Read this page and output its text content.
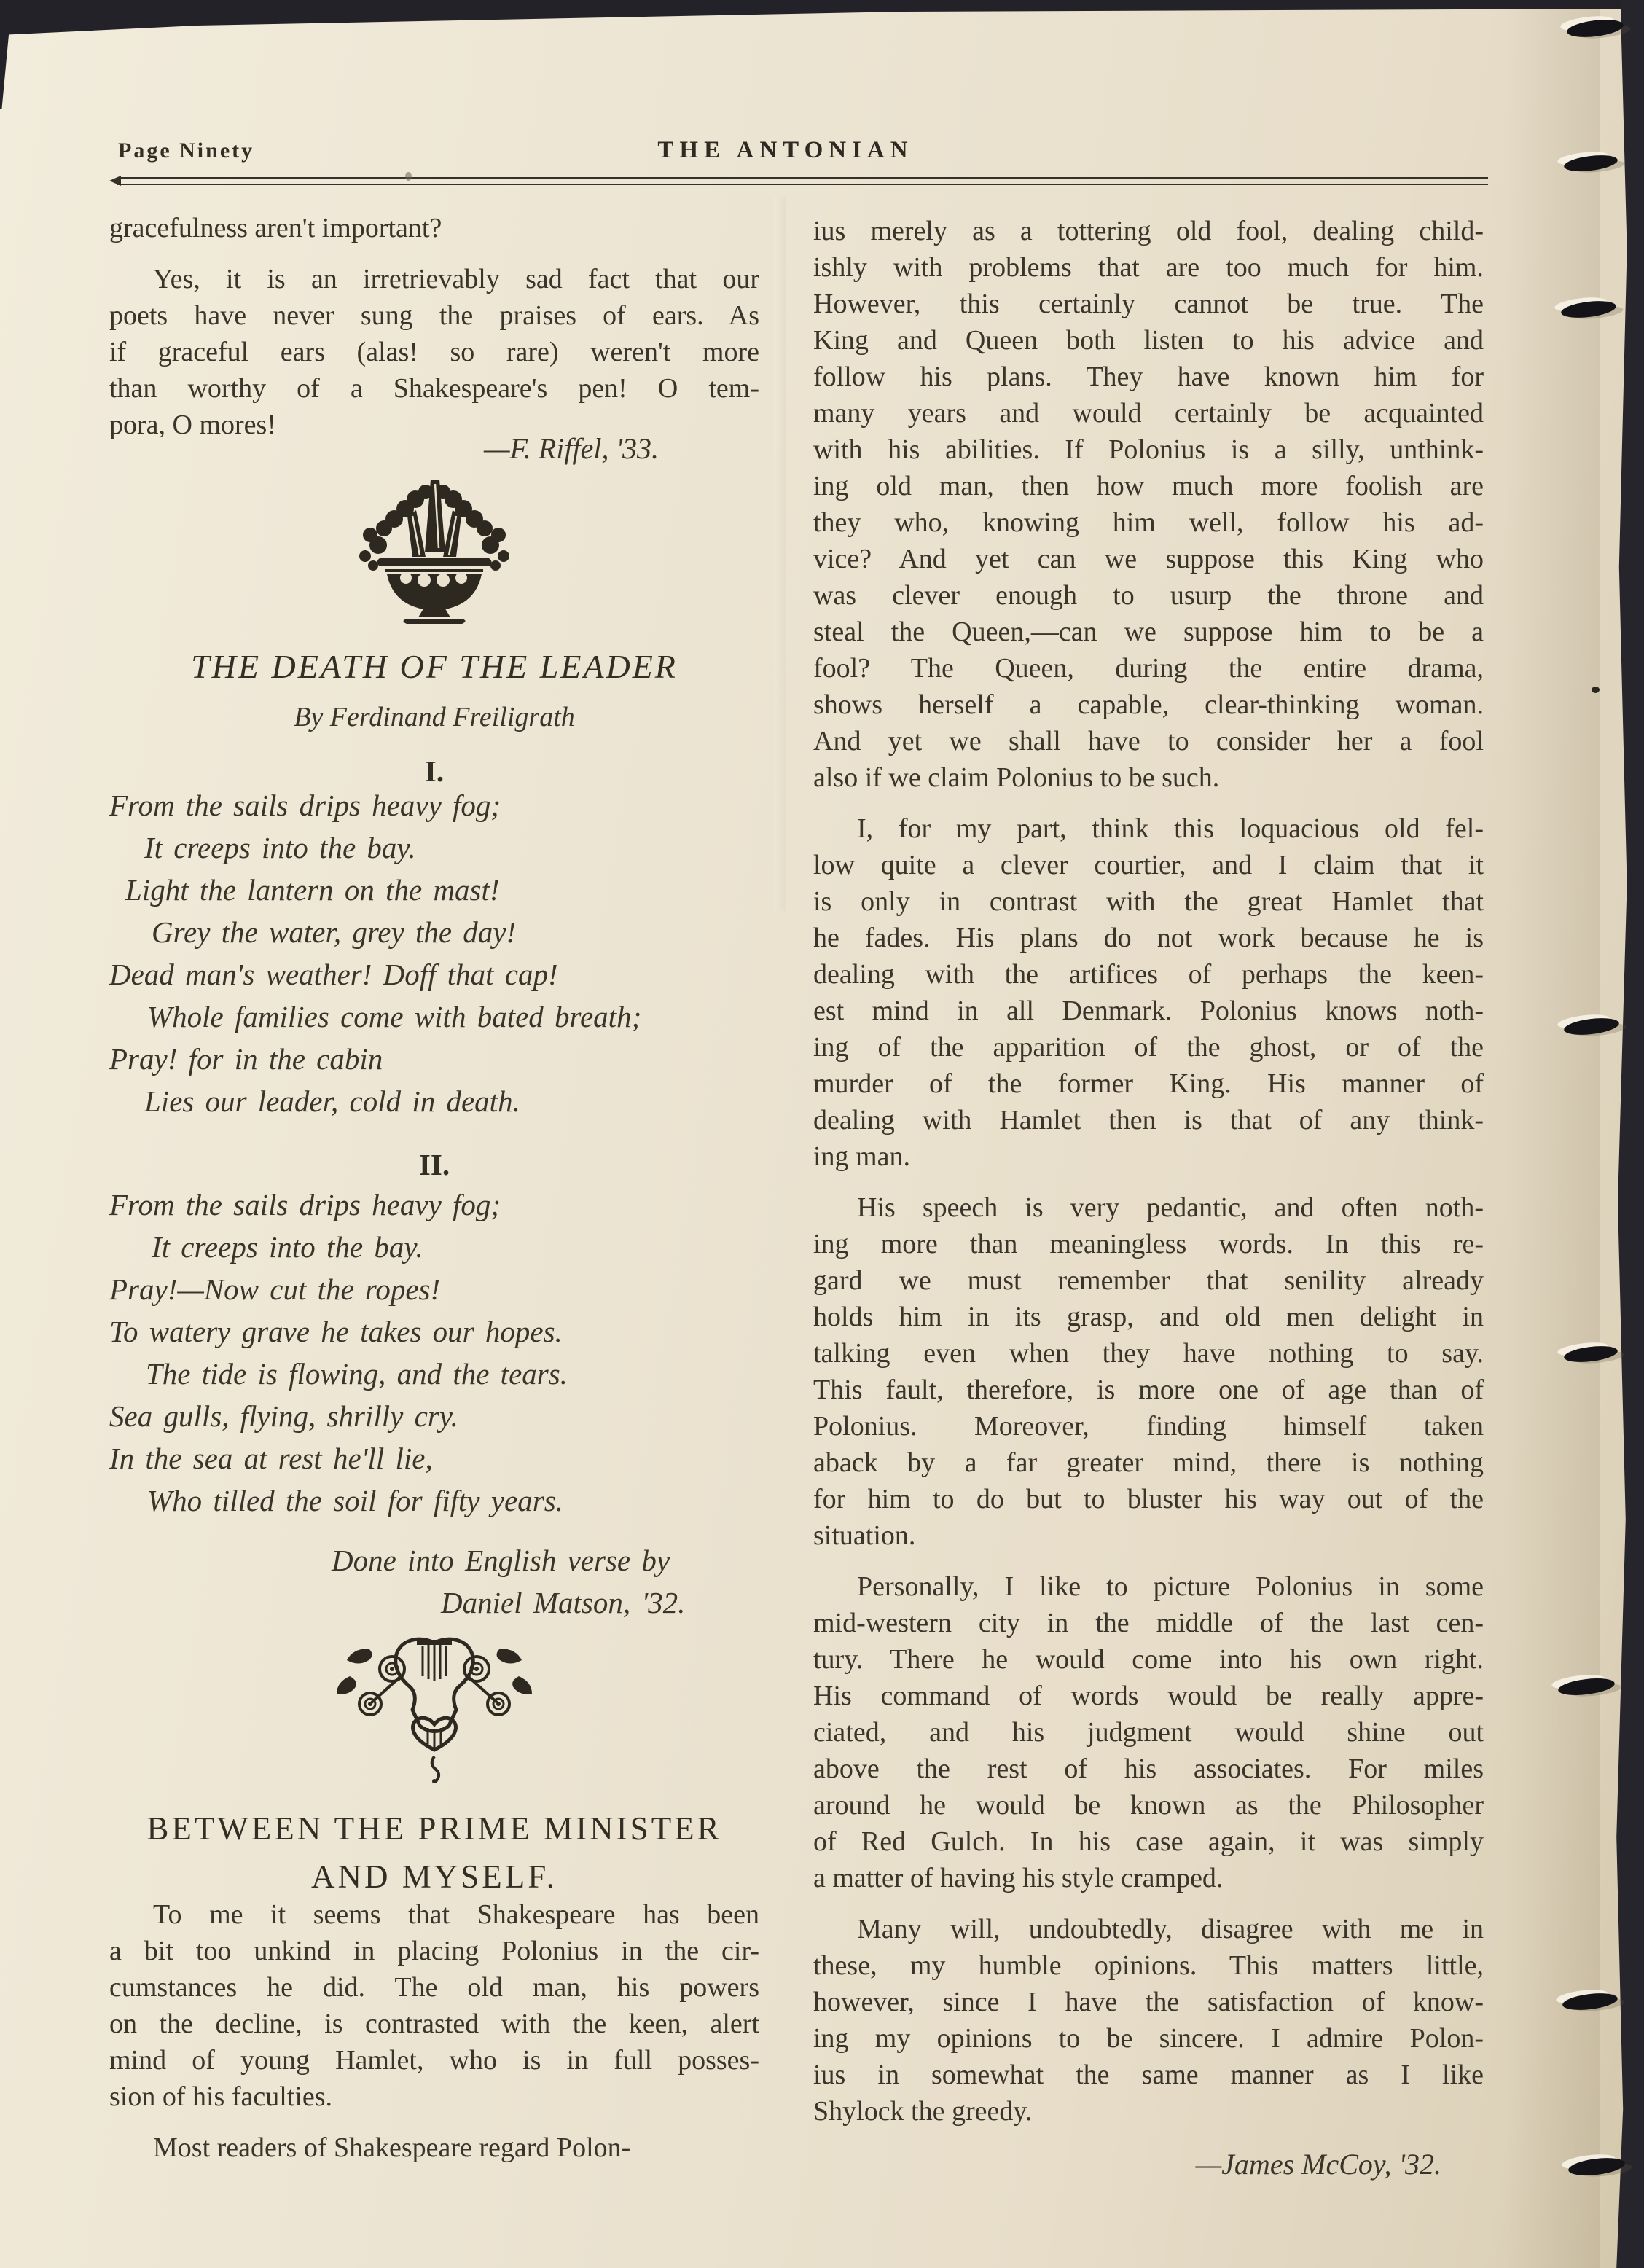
Page Ninety	THE ANTONIAN
gracefulness aren't important?
Yes, it is an irretrievably sad fact that our
poets have never sung the praises of ears. As
if graceful ears (alas! so rare) weren't more
than worthy of a Shakespeare's pen! O tem-
pora, O mores!
—F. Riffel, '33.
THE DEATH OF THE LEADER
By Ferdinand Freiligrath
I.
From the sails drips heavy fog;
It creeps into the bay.
Light the lantern on the mast!
Grey the water, grey the day!
Dead man's weather! Doff that cap!
Whole families come with bated breath;
Pray! for in the cabin
Lies our leader, cold in death.
II.
From the sails drips heavy fog;
It creeps into the bay.
Pray!—Now cut the ropes!
To watery grave he takes our hopes.
The tide is flowing, and the tears.
Sea gulls, flying, shrilly cry.
In the sea at rest he'll lie,
Who tilled the soil for fifty years.
Done into English verse by
Daniel Matson, '32.
BETWEEN THE PRIME MINISTER
AND MYSELF.
To me it seems that Shakespeare has been
a bit too unkind in placing Polonius in the cir-
cumstances he did. The old man, his powers
on the decline, is contrasted with the keen, alert
mind of young Hamlet, who is in full posses-
sion of his faculties.
Most readers of Shakespeare regard Polon-
ius merely as a tottering old fool, dealing child-
ishly with problems that are too much for him.
However, this certainly cannot be true. The
King and Queen both listen to his advice and
follow his plans. They have known him for
many years and would certainly be acquainted
with his abilities. If Polonius is a silly, unthink-
ing old man, then how much more foolish are
they who, knowing him well, follow his ad-
vice? And yet can we suppose this King who
was clever enough to usurp the throne and
steal the Queen,—can we suppose him to be a
fool? The Queen, during the entire drama,
shows herself a capable, clear-thinking woman.
And yet we shall have to consider her a fool
also if we claim Polonius to be such.
I, for my part, think this loquacious old fel-
low quite a clever courtier, and I claim that it
is only in contrast with the great Hamlet that
he fades. His plans do not work because he is
dealing with the artifices of perhaps the keen-
est mind in all Denmark. Polonius knows noth-
ing of the apparition of the ghost, or of the
murder of the former King. His manner of
dealing with Hamlet then is that of any think-
ing man.
His speech is very pedantic, and often noth-
ing more than meaningless words. In this re-
gard we must remember that senility already
holds him in its grasp, and old men delight in
talking even when they have nothing to say.
This fault, therefore, is more one of age than of
Polonius. Moreover, finding himself taken
aback by a far greater mind, there is nothing
for him to do but to bluster his way out of the
situation.
Personally, I like to picture Polonius in some
mid-western city in the middle of the last cen-
tury. There he would come into his own right.
His command of words would be really appre-
ciated, and his judgment would shine out
above the rest of his associates. For miles
around he would be known as the Philosopher
of Red Gulch. In his case again, it was simply
a matter of having his style cramped.
Many will, undoubtedly, disagree with me in
these, my humble opinions. This matters little,
however, since I have the satisfaction of know-
ing my opinions to be sincere. I admire Polon-
ius in somewhat the same manner as I like
Shylock the greedy.
—James McCoy, '32.
